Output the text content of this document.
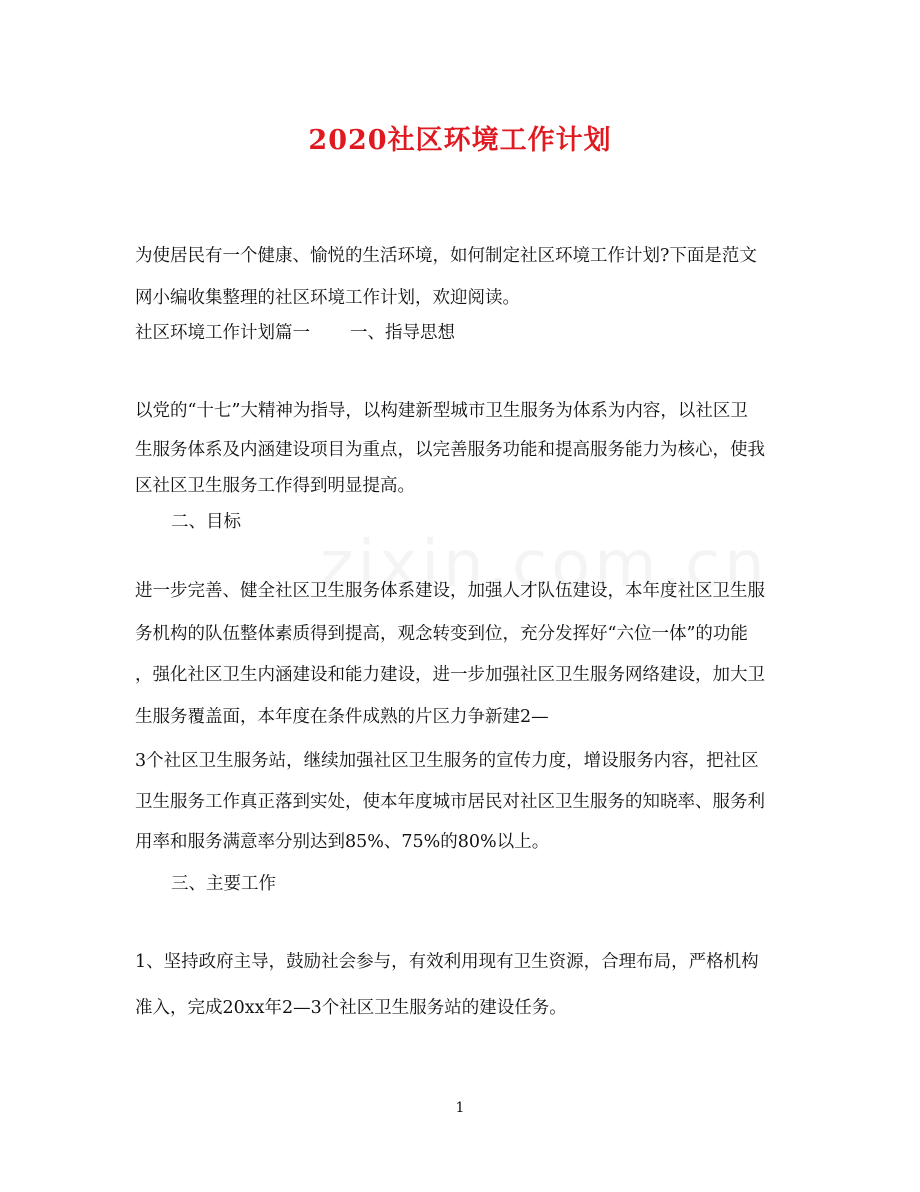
2020社区环境工作计划
为使居民有一个健康、愉悦的生活环境，如何制定社区环境工作计划?下面是范文
网小编收集整理的社区环境工作计划，欢迎阅读。
社区环境工作计划篇一 一、指导思想
以党的“十七”大精神为指导，以构建新型城市卫生服务为体系为内容，以社区卫
生服务体系及内涵建设项目为重点，以完善服务功能和提高服务能力为核心，使我
区社区卫生服务工作得到明显提高。
二、目标
进一步完善、健全社区卫生服务体系建设，加强人才队伍建设，本年度社区卫生服
务机构的队伍整体素质得到提高，观念转变到位，充分发挥好“六位一体”的功能
，强化社区卫生内涵建设和能力建设，进一步加强社区卫生服务网络建设，加大卫
生服务覆盖面，本年度在条件成熟的片区力争新建2—
3个社区卫生服务站，继续加强社区卫生服务的宣传力度，增设服务内容，把社区
卫生服务工作真正落到实处，使本年度城市居民对社区卫生服务的知晓率、服务利
用率和服务满意率分别达到85%、75%的80%以上。
三、主要工作
1、坚持政府主导，鼓励社会参与，有效利用现有卫生资源，合理布局，严格机构
准入，完成20xx年2—3个社区卫生服务站的建设任务。
1
